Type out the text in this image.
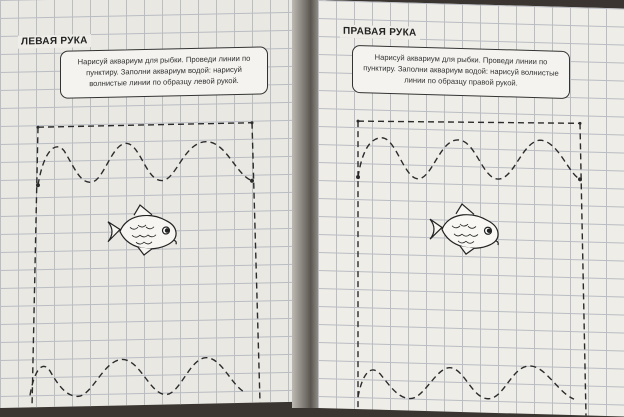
ЛЕВАЯ РУКА
Нарисуй аквариум для рыбки. Проведи линии по пунктиру. Заполни аквариум водой: нарисуй волнистые линии по образцу левой рукой.
ПРАВАЯ РУКА
Нарисуй аквариум для рыбки. Проведи линии по пунктиру. Заполни аквариум водой: нарисуй волнистые линии по образцу правой рукой.
